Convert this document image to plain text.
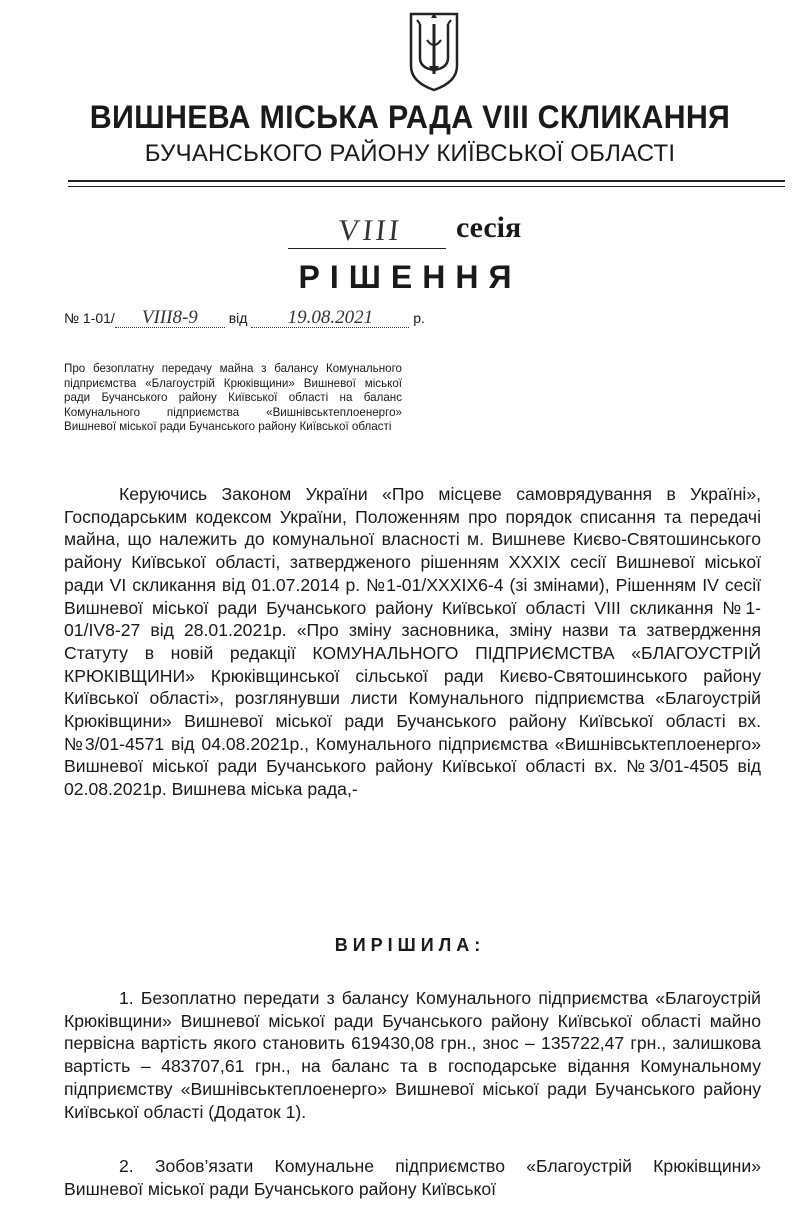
ВИШНЕВА МІСЬКА РАДА VIII СКЛИКАННЯ
БУЧАНСЬКОГО РАЙОНУ КИЇВСЬКОЇ ОБЛАСТІ
VIII сесія
РІШЕННЯ
№ 1-01/ VIII8-9 від 19.08.2021	р.
Про безоплатну передачу майна з балансу Комунального підприємства «Благоустрій Крюківщини» Вишневої міської ради Бучанського району Київської області на баланс Комунального підприємства «Вишнівськтеплоенерго» Вишневої міської ради Бучанського району Київської області
Керуючись Законом України «Про місцеве самоврядування в Україні», Господарським кодексом України, Положенням про порядок списання та передачі майна, що належить до комунальної власності м. Вишневе Києво-Святошинського району Київської області, затвердженого рішенням XXXIX сесії Вишневої міської ради VI скликання від 01.07.2014 р. №1-01/XXXIX6-4 (зі змінами), Рішенням IV сесії Вишневої міської ради Бучанського району Київської області VIII скликання №1-01/IV8-27 від 28.01.2021р. «Про зміну засновника, зміну назви та затвердження Статуту в новій редакції КОМУНАЛЬНОГО ПІДПРИЄМСТВА «БЛАГОУСТРІЙ КРЮКІВЩИНИ» Крюківщинської сільської ради Києво-Святошинського району Київської області», розглянувши листи Комунального підприємства «Благоустрій Крюківщини» Вишневої міської ради Бучанського району Київської області вх. №3/01-4571 від 04.08.2021р., Комунального підприємства «Вишнівськтеплоенерго» Вишневої міської ради Бучанського району Київської області вх. №3/01-4505 від 02.08.2021р. Вишнева міська рада,-
ВИРІШИЛА:
1. Безоплатно передати з балансу Комунального підприємства «Благоустрій Крюківщини» Вишневої міської ради Бучанського району Київської області майно первісна вартість якого становить 619430,08 грн., знос – 135722,47 грн., залишкова вартість – 483707,61 грн., на баланс та в господарське відання Комунальному підприємству «Вишнівськтеплоенерго» Вишневої міської ради Бучанського району Київської області (Додаток 1).
2. Зобов’язати Комунальне підприємство «Благоустрій Крюківщини» Вишневої міської ради Бучанського району Київської
